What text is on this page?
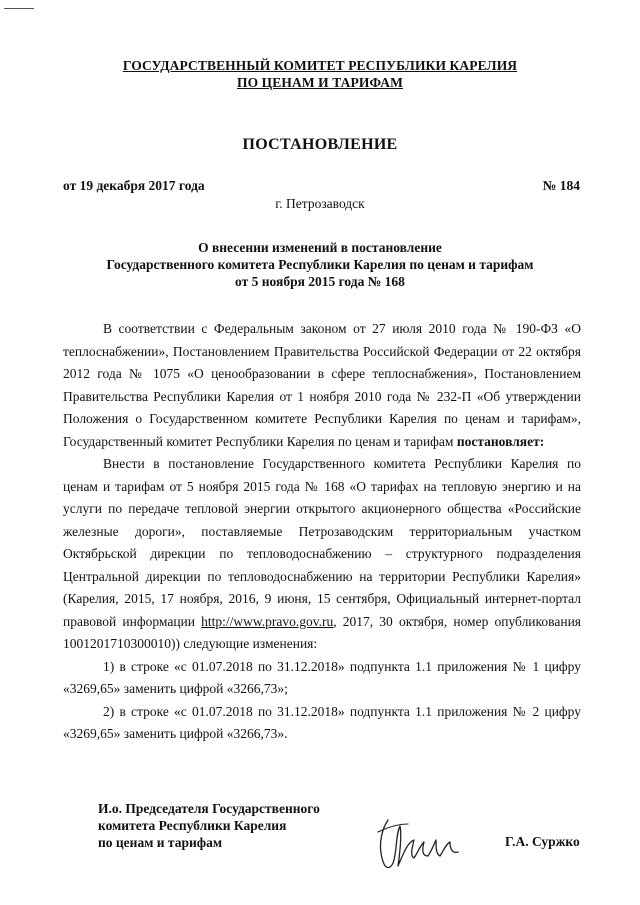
ГОСУДАРСТВЕННЫЙ КОМИТЕТ РЕСПУБЛИКИ КАРЕЛИЯ
ПО ЦЕНАМ И ТАРИФАМ
ПОСТАНОВЛЕНИЕ
от 19 декабря 2017 года	№ 184
г. Петрозаводск
О внесении изменений в постановление
Государственного комитета Республики Карелия по ценам и тарифам
от 5 ноября 2015 года № 168

В соответствии с Федеральным законом от 27 июля 2010 года № 190-ФЗ «О теплоснабжении», Постановлением Правительства Российской Федерации от 22 октября 2012 года № 1075 «О ценообразовании в сфере теплоснабжения», Постановлением Правительства Республики Карелия от 1 ноября 2010 года № 232-П «Об утверждении Положения о Государственном комитете Республики Карелия по ценам и тарифам», Государственный комитет Республики Карелия по ценам и тарифам постановляет:

Внести в постановление Государственного комитета Республики Карелия по ценам и тарифам от 5 ноября 2015 года № 168 «О тарифах на тепловую энергию и на услуги по передаче тепловой энергии открытого акционерного общества «Российские железные дороги», поставляемые Петрозаводским территориальным участком Октябрьской дирекции по тепловодоснабжению – структурного подразделения Центральной дирекции по тепловодоснабжению на территории Республики Карелия» (Карелия, 2015, 17 ноября, 2016, 9 июня, 15 сентября, Официальный интернет-портал правовой информации http://www.pravo.gov.ru, 2017, 30 октября, номер опубликования 1001201710300010)) следующие изменения:

1) в строке «с 01.07.2018 по 31.12.2018» подпункта 1.1 приложения № 1 цифру «3269,65» заменить цифрой «3266,73»;

2) в строке «с 01.07.2018 по 31.12.2018» подпункта 1.1 приложения № 2 цифру «3269,65» заменить цифрой «3266,73».

И.о. Председателя Государственного
комитета Республики Карелия
по ценам и тарифам	Г.А. Суржко
